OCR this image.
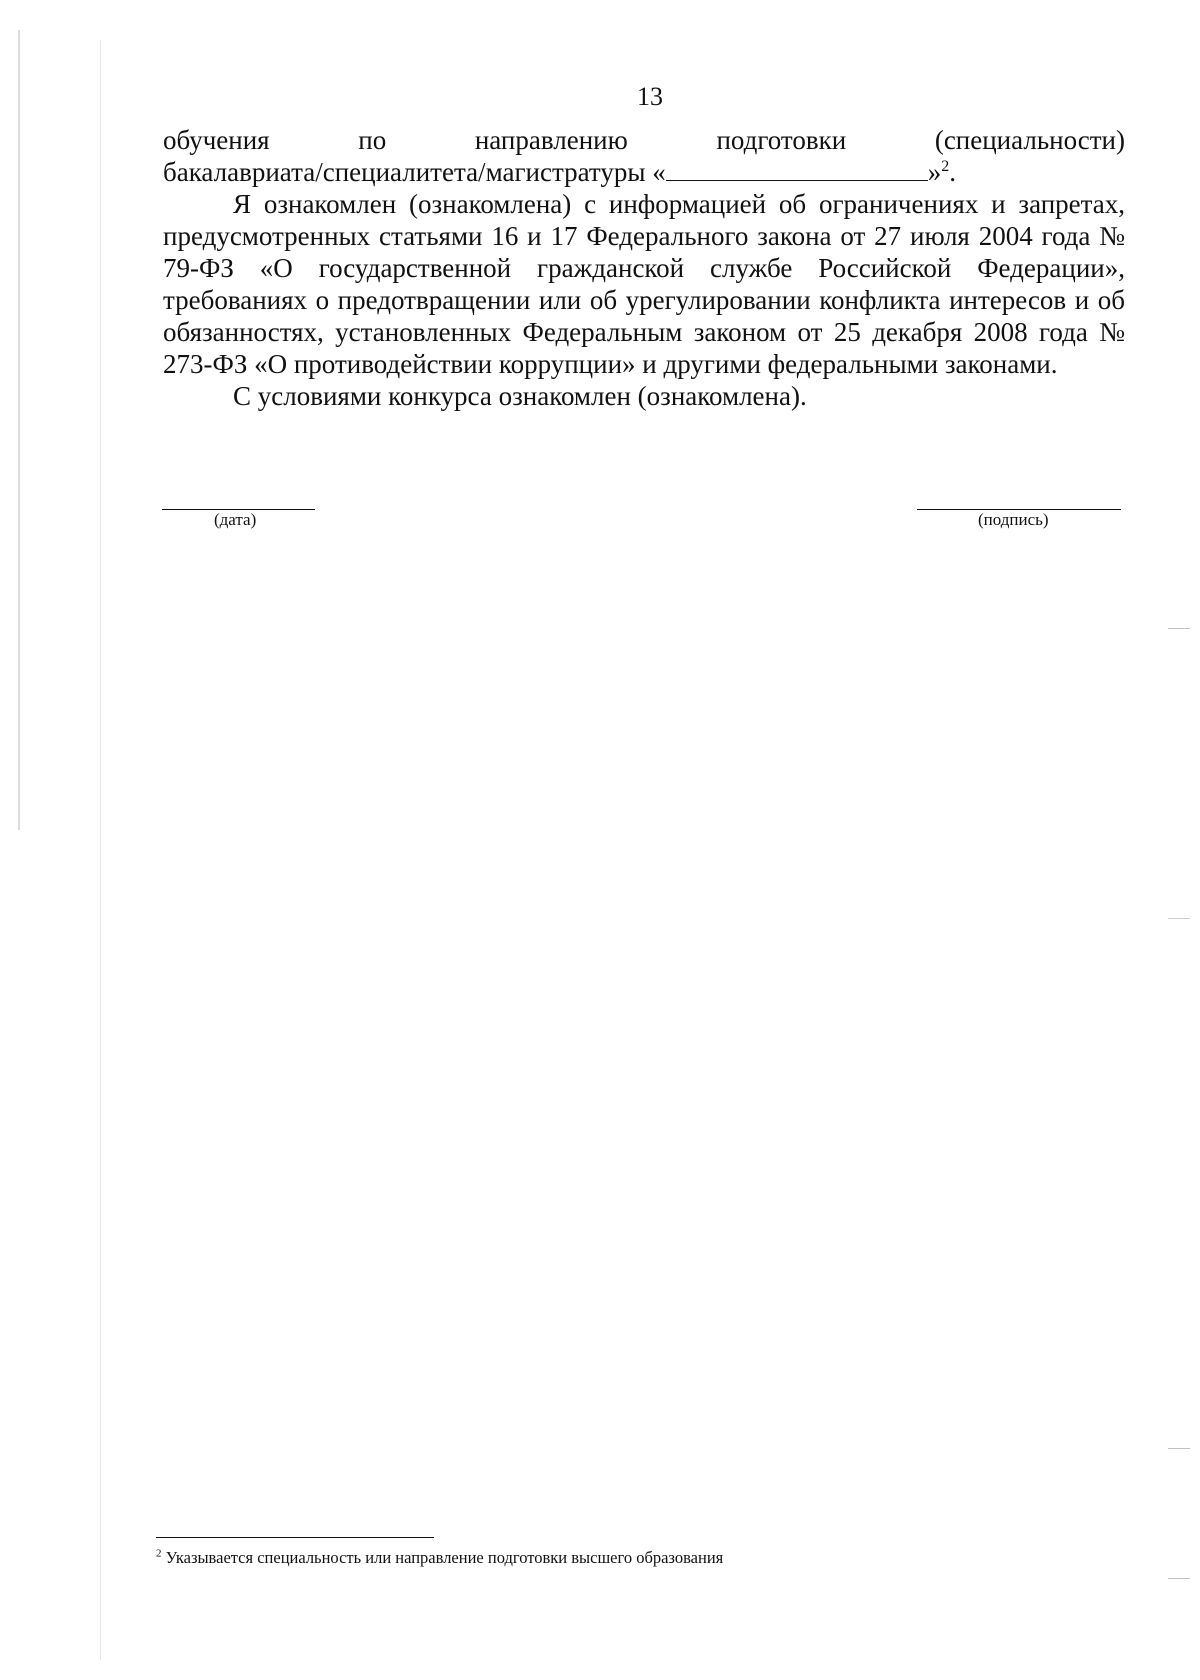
13
обучения	по	направлению	подготовки	(специальности)
бакалавриата/специалитета/магистратуры «	»$^2$.

Я ознакомлен (ознакомлена) с информацией об ограничениях и запретах, предусмотренных статьями 16 и 17 Федерального закона от 27 июля 2004 года № 79-ФЗ «О государственной гражданской службе Российской Федерации», требованиях о предотвращении или об урегулировании конфликта интересов и об обязанностях, установленных Федеральным законом от 25 декабря 2008 года № 273-ФЗ «О противодействии коррупции» и другими федеральными законами.

С условиями конкурса ознакомлен (ознакомлена).

(дата)	(подпись)
$^2$ Указывается специальность или направление подготовки высшего образования
